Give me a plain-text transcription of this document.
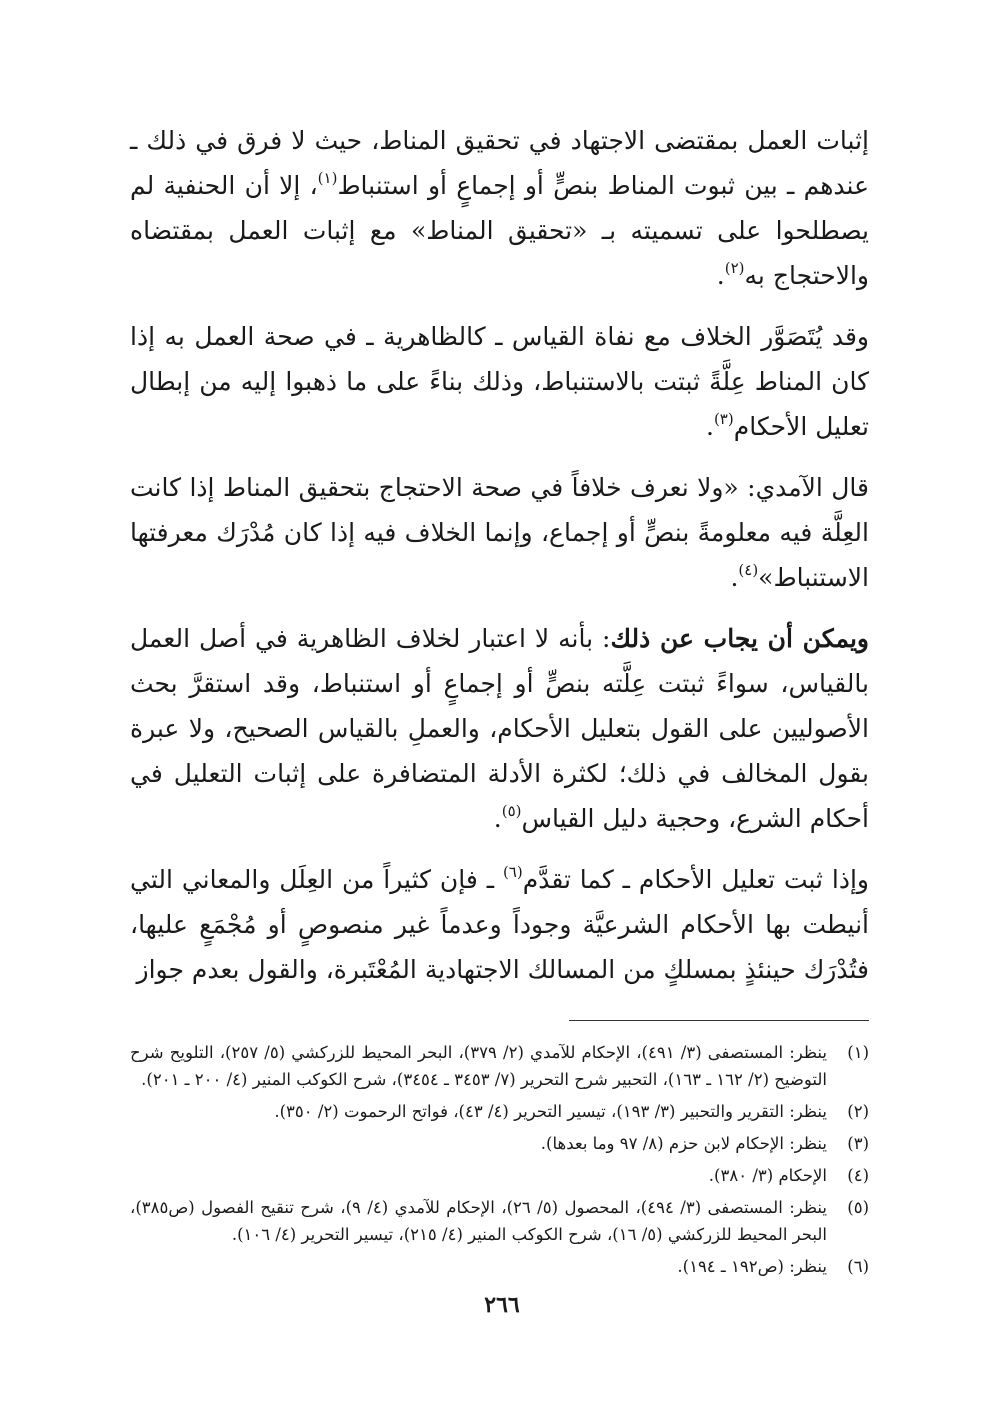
إثبات العمل بمقتضى الاجتهاد في تحقيق المناط، حيث لا فرق في ذلك ـ عندهم ـ بين ثبوت المناط بنصٍّ أو إجماعٍ أو استنباط$^{(١)}$، إلا أن الحنفية لم يصطلحوا على تسميته بـ «تحقيق المناط» مع إثبات العمل بمقتضاه والاحتجاج به$^{(٢)}$.

وقد يُتَصَوَّر الخلاف مع نفاة القياس ـ كالظاهرية ـ في صحة العمل به إذا كان المناط عِلَّةً ثبتت بالاستنباط، وذلك بناءً على ما ذهبوا إليه من إبطال تعليل الأحكام$^{(٣)}$.

قال الآمدي: «ولا نعرف خلافاً في صحة الاحتجاج بتحقيق المناط إذا كانت العِلَّة فيه معلومةً بنصٍّ أو إجماع، وإنما الخلاف فيه إذا كان مُدْرَك معرفتها الاستنباط»$^{(٤)}$.

ويمكن أن يجاب عن ذلك: بأنه لا اعتبار لخلاف الظاهرية في أصل العمل بالقياس، سواءً ثبتت عِلَّته بنصٍّ أو إجماعٍ أو استنباط، وقد استقرَّ بحث الأصوليين على القول بتعليل الأحكام، والعملِ بالقياس الصحيح، ولا عبرة بقول المخالف في ذلك؛ لكثرة الأدلة المتضافرة على إثبات التعليل في أحكام الشرع، وحجية دليل القياس$^{(٥)}$.

وإذا ثبت تعليل الأحكام ـ كما تقدَّم$^{(٦)}$ ـ فإن كثيراً من العِلَل والمعاني التي أنيطت بها الأحكام الشرعيَّة وجوداً وعدماً غير منصوصٍ أو مُجْمَعٍ عليها، فتُدْرَك حينئذٍ بمسلكٍ من المسالك الاجتهادية المُعْتَبرة، والقول بعدم جواز

(١)
ينظر: المستصفى (٣/ ٤٩١)، الإحكام للآمدي (٢/ ٣٧٩)، البحر المحيط للزركشي (٥/ ٢٥٧)، التلويح شرح التوضيح (٢/ ١٦٢ ـ ١٦٣)، التحبير شرح التحرير (٧/ ٣٤٥٣ ـ ٣٤٥٤)، شرح الكوكب المنير (٤/ ٢٠٠ ـ ٢٠١).
(٢)
ينظر: التقرير والتحبير (٣/ ١٩٣)، تيسير التحرير (٤/ ٤٣)، فواتح الرحموت (٢/ ٣٥٠).
(٣)
ينظر: الإحكام لابن حزم (٨/ ٩٧ وما بعدها).
(٤)
الإحكام (٣/ ٣٨٠).
(٥)
ينظر: المستصفى (٣/ ٤٩٤)، المحصول (٥/ ٢٦)، الإحكام للآمدي (٤/ ٩)، شرح تنقيح الفصول (ص٣٨٥)، البحر المحيط للزركشي (٥/ ١٦)، شرح الكوكب المنير (٤/ ٢١٥)، تيسير التحرير (٤/ ١٠٦).
(٦)
ينظر: (ص١٩٢ ـ ١٩٤).
٢٦٦
